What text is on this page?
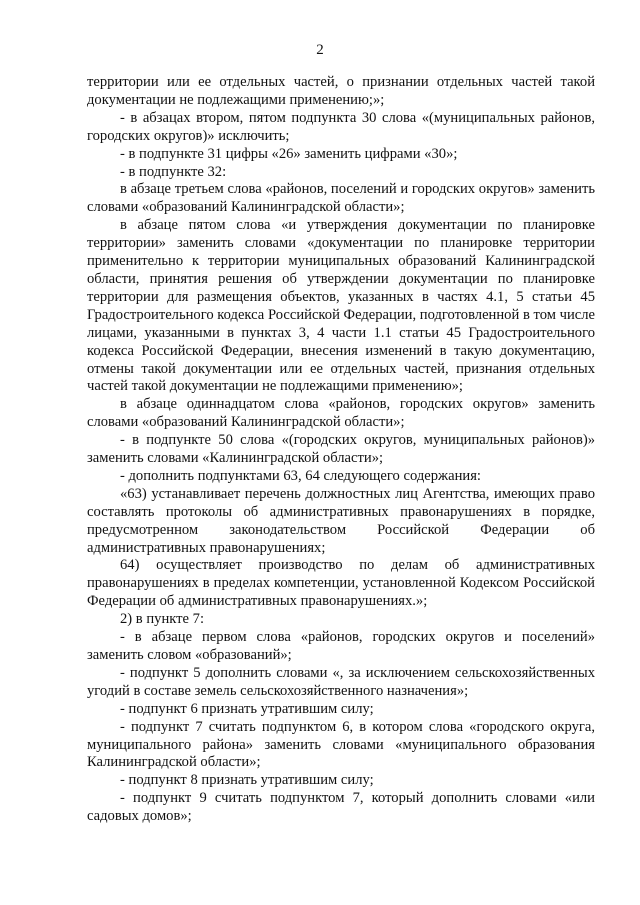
2

территории или ее отдельных частей, о признании отдельных частей такой документации не подлежащими применению;»;

- в абзацах втором, пятом подпункта 30 слова «(муниципальных районов, городских округов)» исключить;

- в подпункте 31 цифры «26» заменить цифрами «30»;

- в подпункте 32:

в абзаце третьем слова «районов, поселений и городских округов» заменить словами «образований Калининградской области»;

в абзаце пятом слова «и утверждения документации по планировке территории» заменить словами «документации по планировке территории применительно к территории муниципальных образований Калининградской области, принятия решения об утверждении документации по планировке территории для размещения объектов, указанных в частях 4.1, 5 статьи 45 Градостроительного кодекса Российской Федерации, подготовленной в том числе лицами, указанными в пунктах 3, 4 части 1.1 статьи 45 Градостроительного кодекса Российской Федерации, внесения изменений в такую документацию, отмены такой документации или ее отдельных частей, признания отдельных частей такой документации не подлежащими применению»;

в абзаце одиннадцатом слова «районов, городских округов» заменить словами «образований Калининградской области»;

- в подпункте 50 слова «(городских округов, муниципальных районов)» заменить словами «Калининградской области»;

- дополнить подпунктами 63, 64 следующего содержания:

«63) устанавливает перечень должностных лиц Агентства, имеющих право составлять протоколы об административных правонарушениях в порядке, предусмотренном законодательством Российской Федерации об административных правонарушениях;

64) осуществляет производство по делам об административных правонарушениях в пределах компетенции, установленной Кодексом Российской Федерации об административных правонарушениях.»;

2) в пункте 7:

- в абзаце первом слова «районов, городских округов и поселений» заменить словом «образований»;

- подпункт 5 дополнить словами «, за исключением сельскохозяйственных угодий в составе земель сельскохозяйственного назначения»;

- подпункт 6 признать утратившим силу;

- подпункт 7 считать подпунктом 6, в котором слова «городского округа, муниципального района» заменить словами «муниципального образования Калининградской области»;

- подпункт 8 признать утратившим силу;

- подпункт 9 считать подпунктом 7, который дополнить словами «или садовых домов»;
